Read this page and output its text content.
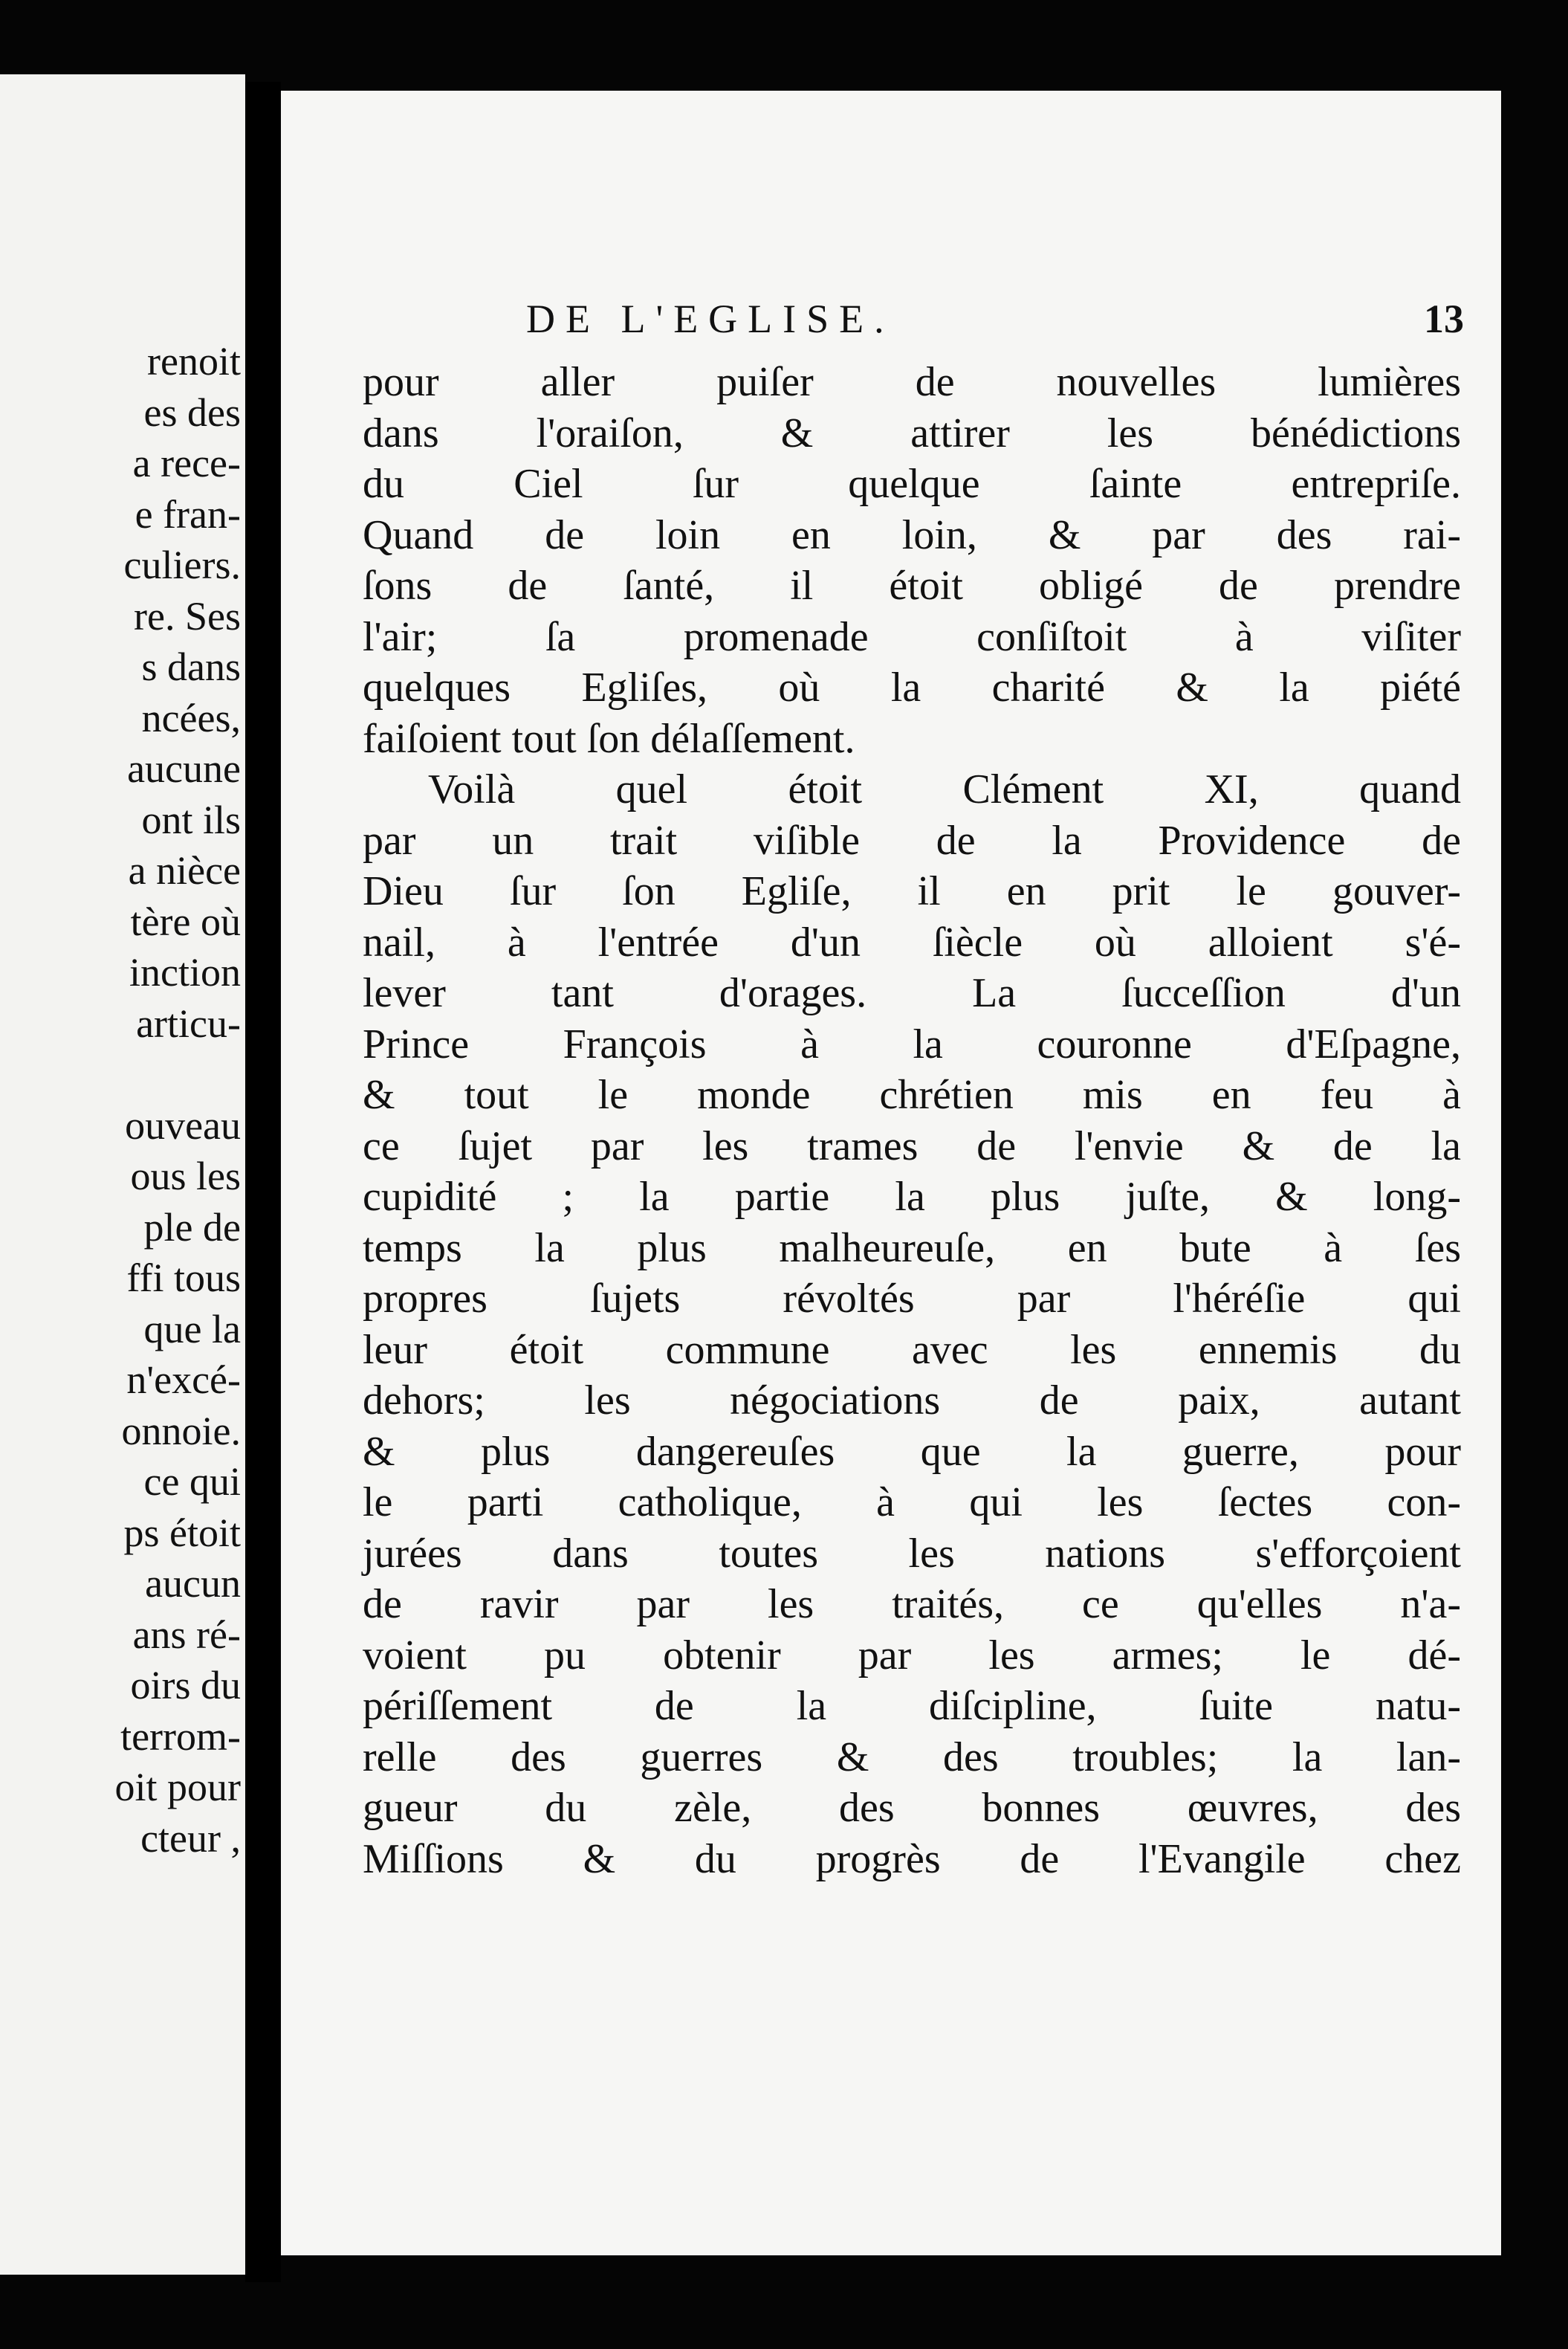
renoit
es des
a rece-
e fran-
culiers.
re. Ses
s dans
ncées,
aucune
ont ils
a nièce
tère où
inction
articu-

ouveau
ous les
ple de
ffi tous
que la
n'excé-
onnoie.
ce qui
ps étoit
aucun
ans ré-
oirs du
terrom-
oit pour
cteur ,
DE L'EGLISE.	13
pour aller puiſer de nouvelles lumières
dans l'oraiſon, & attirer les bénédictions
du Ciel ſur quelque ſainte entrepriſe.
Quand de loin en loin, & par des rai-
ſons de ſanté, il étoit obligé de prendre
l'air; ſa promenade conſiſtoit à viſiter
quelques Egliſes, où la charité & la piété
faiſoient tout ſon délaſſement.
Voilà quel étoit Clément XI, quand
par un trait viſible de la Providence de
Dieu ſur ſon Egliſe, il en prit le gouver-
nail, à l'entrée d'un ſiècle où alloient s'é-
lever tant d'orages. La ſucceſſion d'un
Prince François à la couronne d'Eſpagne,
& tout le monde chrétien mis en feu à
ce ſujet par les trames de l'envie & de la
cupidité ; la partie la plus juſte, & long-
temps la plus malheureuſe, en bute à ſes
propres ſujets révoltés par l'héréſie qui
leur étoit commune avec les ennemis du
dehors; les négociations de paix, autant
& plus dangereuſes que la guerre, pour
le parti catholique, à qui les ſectes con-
jurées dans toutes les nations s'efforçoient
de ravir par les traités, ce qu'elles n'a-
voient pu obtenir par les armes; le dé-
périſſement de la diſcipline, ſuite natu-
relle des guerres & des troubles; la lan-
gueur du zèle, des bonnes œuvres, des
Miſſions & du progrès de l'Evangile chez
